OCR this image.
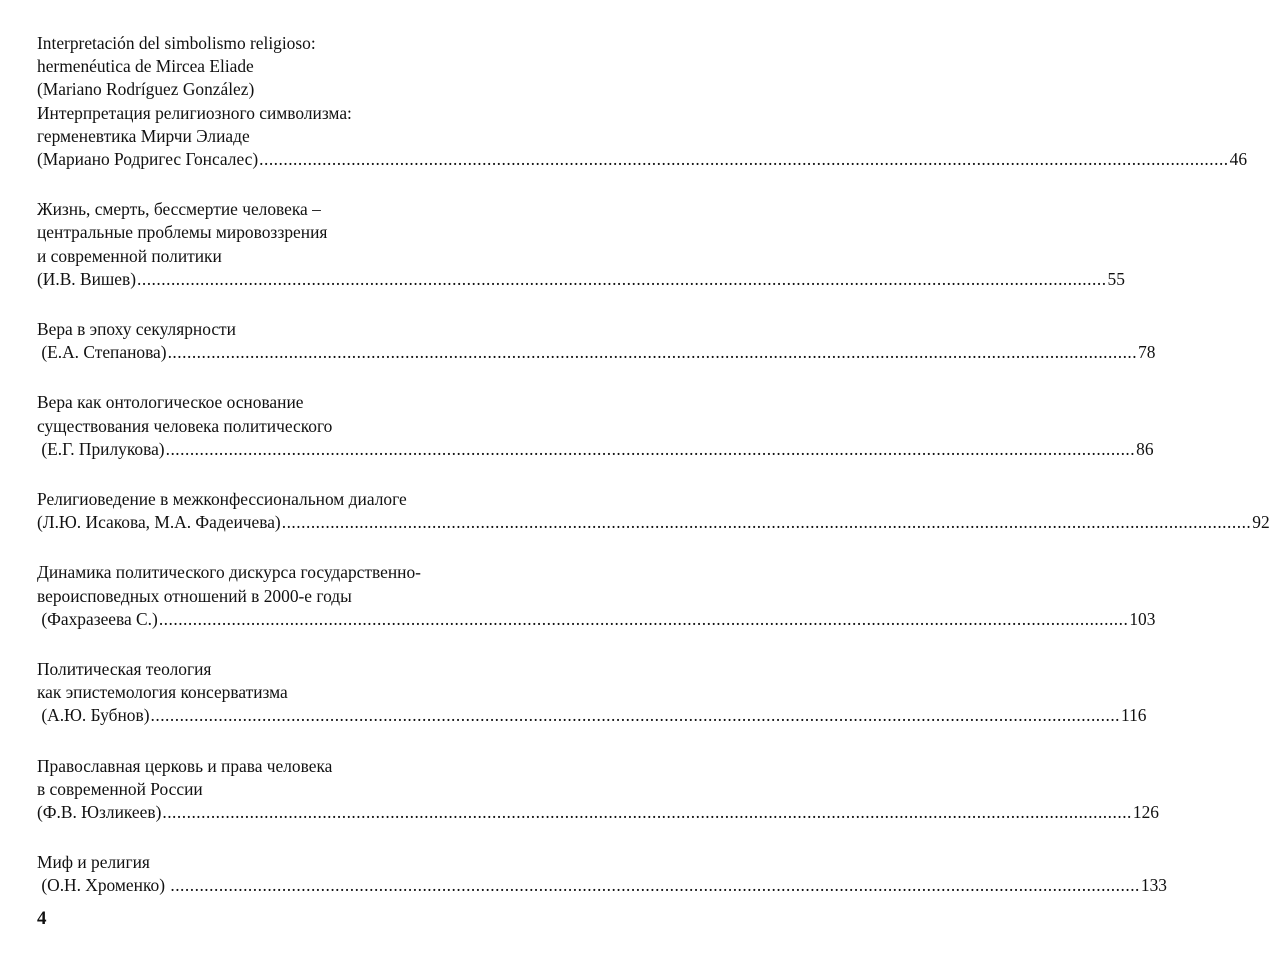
Interpretación del simbolismo religioso:
hermenéutica de Mircea Eliade
(Mariano Rodríguez González)
Интерпретация религиозного символизма:
герменевтика Мирчи Элиаде
(Мариано Родригес Гонсалес) ........................................................................................................................................................................................................ 46
Жизнь, смерть, бессмертие человека –
центральные проблемы мировоззрения
и современной политики
(И.В. Вишев) ........................................................................................................................................................................................................ 55
Вера в эпоху секулярности
(Е.А. Степанова) ........................................................................................................................................................................................................ 78
Вера как онтологическое основание
существования человека политического
(Е.Г. Прилукова) ........................................................................................................................................................................................................ 86
Религиоведение в межконфессиональном диалоге
(Л.Ю. Исакова, М.А. Фадеичева) ........................................................................................................................................................................................................ 92
Динамика политического дискурса государственно-
вероисповедных отношений в 2000-е годы
(Фахразеева С.) ........................................................................................................................................................................................................ 103
Политическая теология
как эпистемология консерватизма
(А.Ю. Бубнов) ........................................................................................................................................................................................................ 116
Православная церковь и права человека
в современной России
(Ф.В. Юзликеев) ........................................................................................................................................................................................................ 126
Миф и религия
(О.Н. Хроменко) ........................................................................................................................................................................................................ 133
4
